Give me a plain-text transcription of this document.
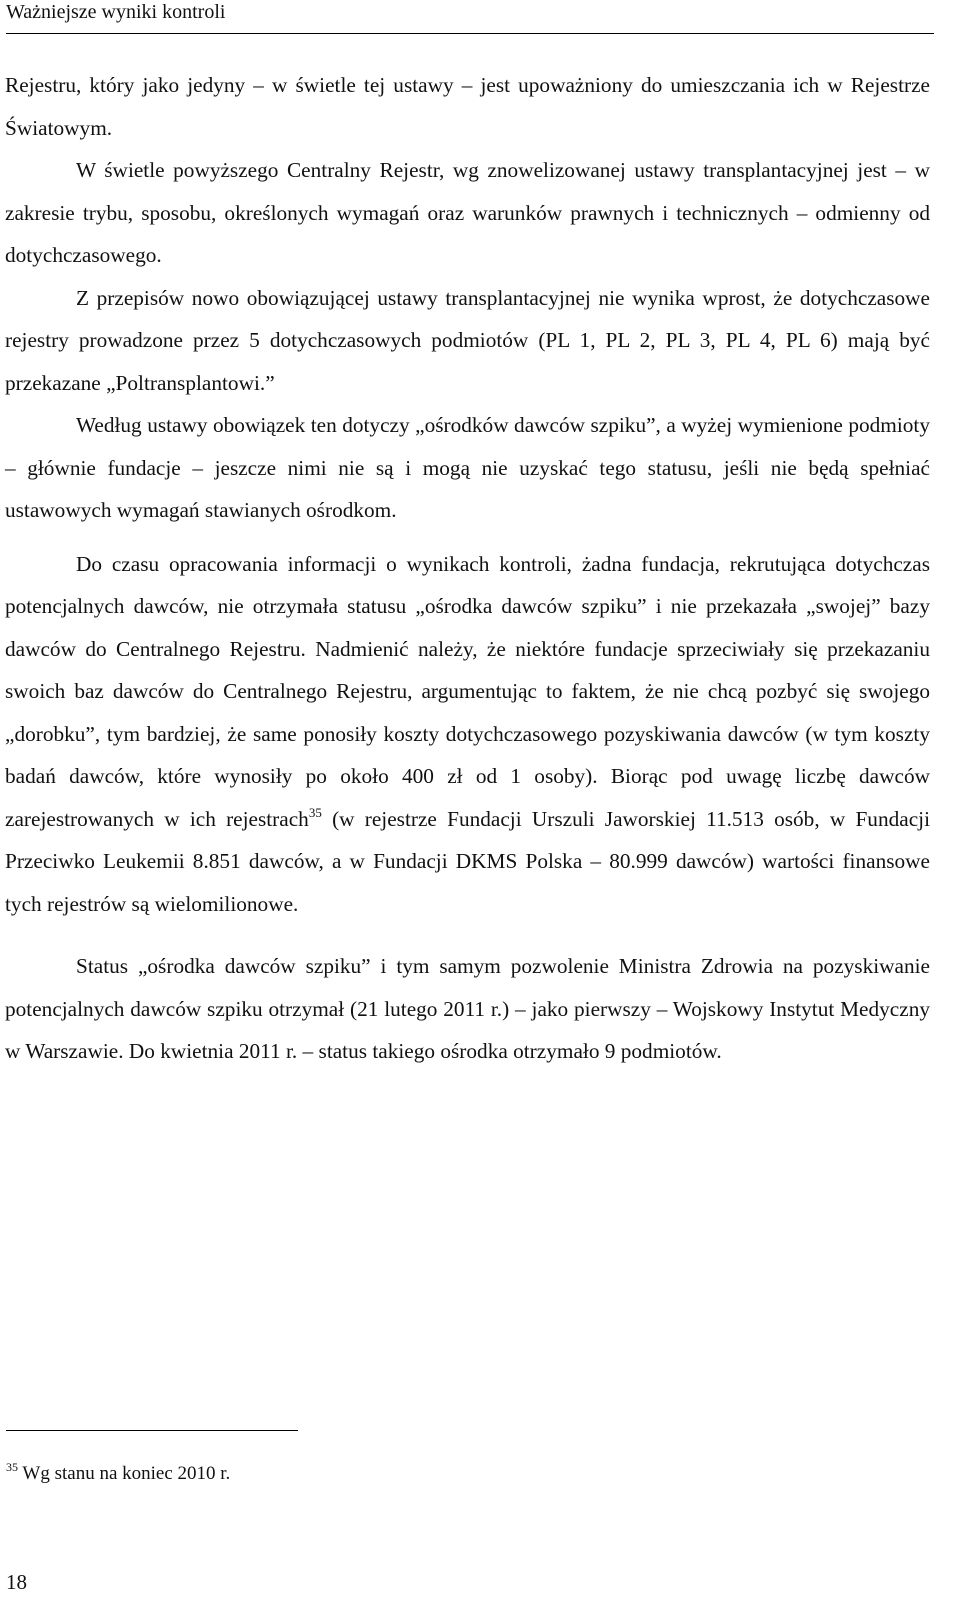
Ważniejsze wyniki kontroli

Rejestru, który jako jedyny – w świetle tej ustawy – jest upoważniony do umieszczania ich w Rejestrze Światowym.

W świetle powyższego Centralny Rejestr, wg znowelizowanej ustawy transplantacyjnej jest – w zakresie trybu, sposobu, określonych wymagań oraz warunków prawnych i technicznych – odmienny od dotychczasowego.

Z przepisów nowo obowiązującej ustawy transplantacyjnej nie wynika wprost, że dotychczasowe rejestry prowadzone przez 5 dotychczasowych podmiotów (PL 1, PL 2, PL 3, PL 4, PL 6) mają być przekazane „Poltransplantowi.”

Według ustawy obowiązek ten dotyczy „ośrodków dawców szpiku”, a wyżej wymienione podmioty – głównie fundacje – jeszcze nimi nie są i mogą nie uzyskać tego statusu, jeśli nie będą spełniać ustawowych wymagań stawianych ośrodkom.

Do czasu opracowania informacji o wynikach kontroli, żadna fundacja, rekrutująca dotychczas potencjalnych dawców, nie otrzymała statusu „ośrodka dawców szpiku” i nie przekazała „swojej” bazy dawców do Centralnego Rejestru. Nadmienić należy, że niektóre fundacje sprzeciwiały się przekazaniu swoich baz dawców do Centralnego Rejestru, argumentując to faktem, że nie chcą pozbyć się swojego „dorobku”, tym bardziej, że same ponosiły koszty dotychczasowego pozyskiwania dawców (w tym koszty badań dawców, które wynosiły po około 400 zł od 1 osoby). Biorąc pod uwagę liczbę dawców zarejestrowanych w ich rejestrach$^{35}$ (w rejestrze Fundacji Urszuli Jaworskiej 11.513 osób, w Fundacji Przeciwko Leukemii 8.851 dawców, a w Fundacji DKMS Polska – 80.999 dawców) wartości finansowe tych rejestrów są wielomilionowe.

Status „ośrodka dawców szpiku” i tym samym pozwolenie Ministra Zdrowia na pozyskiwanie potencjalnych dawców szpiku otrzymał (21 lutego 2011 r.) – jako pierwszy – Wojskowy Instytut Medyczny w Warszawie. Do kwietnia 2011 r. – status takiego ośrodka otrzymało 9 podmiotów.

$^{35}$ Wg stanu na koniec 2010 r.
18
